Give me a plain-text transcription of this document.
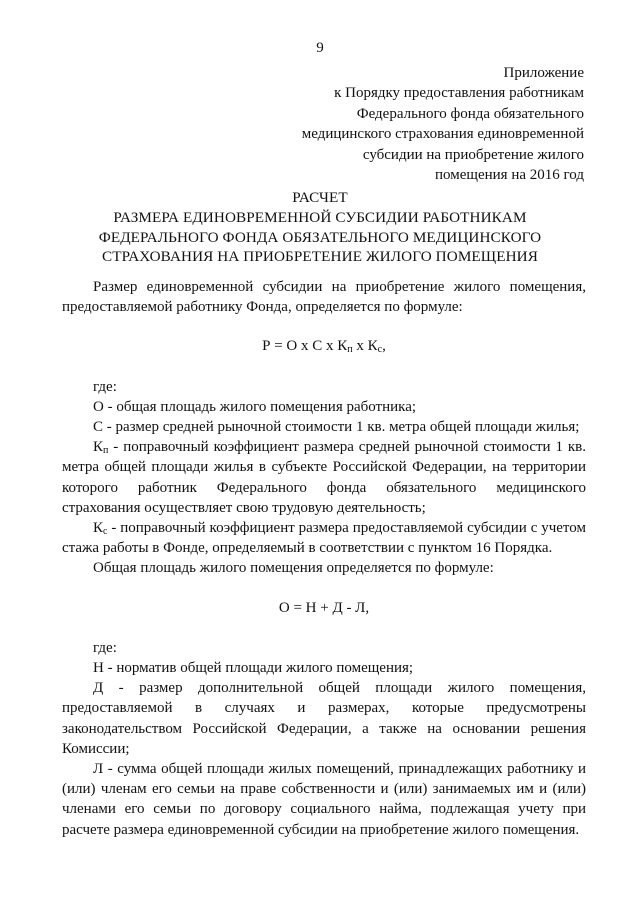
9
Приложение
к Порядку предоставления работникам
Федерального фонда обязательного
медицинского страхования единовременной
субсидии на приобретение жилого
помещения на 2016 год
РАСЧЕТ
РАЗМЕРА ЕДИНОВРЕМЕННОЙ СУБСИДИИ РАБОТНИКАМ
ФЕДЕРАЛЬНОГО ФОНДА ОБЯЗАТЕЛЬНОГО МЕДИЦИНСКОГО
СТРАХОВАНИЯ НА ПРИОБРЕТЕНИЕ ЖИЛОГО ПОМЕЩЕНИЯ

Размер единовременной субсидии на приобретение жилого помещения, предоставляемой работнику Фонда, определяется по формуле:

Р = О х С х $К_п$ х $К_с$,

где:

О - общая площадь жилого помещения работника;

С - размер средней рыночной стоимости 1 кв. метра общей площади жилья;

$К_п$ - поправочный коэффициент размера средней рыночной стоимости 1 кв. метра общей площади жилья в субъекте Российской Федерации, на территории которого работник Федерального фонда обязательного медицинского страхования осуществляет свою трудовую деятельность;

$К_с$ - поправочный коэффициент размера предоставляемой субсидии с учетом стажа работы в Фонде, определяемый в соответствии с пунктом 16 Порядка.

Общая площадь жилого помещения определяется по формуле:

О = Н + Д - Л,

где:

Н - норматив общей площади жилого помещения;

Д - размер дополнительной общей площади жилого помещения, предоставляемой в случаях и размерах, которые предусмотрены законодательством Российской Федерации, а также на основании решения Комиссии;

Л - сумма общей площади жилых помещений, принадлежащих работнику и (или) членам его семьи на праве собственности и (или) занимаемых им и (или) членами его семьи по договору социального найма, подлежащая учету при расчете размера единовременной субсидии на приобретение жилого помещения.
